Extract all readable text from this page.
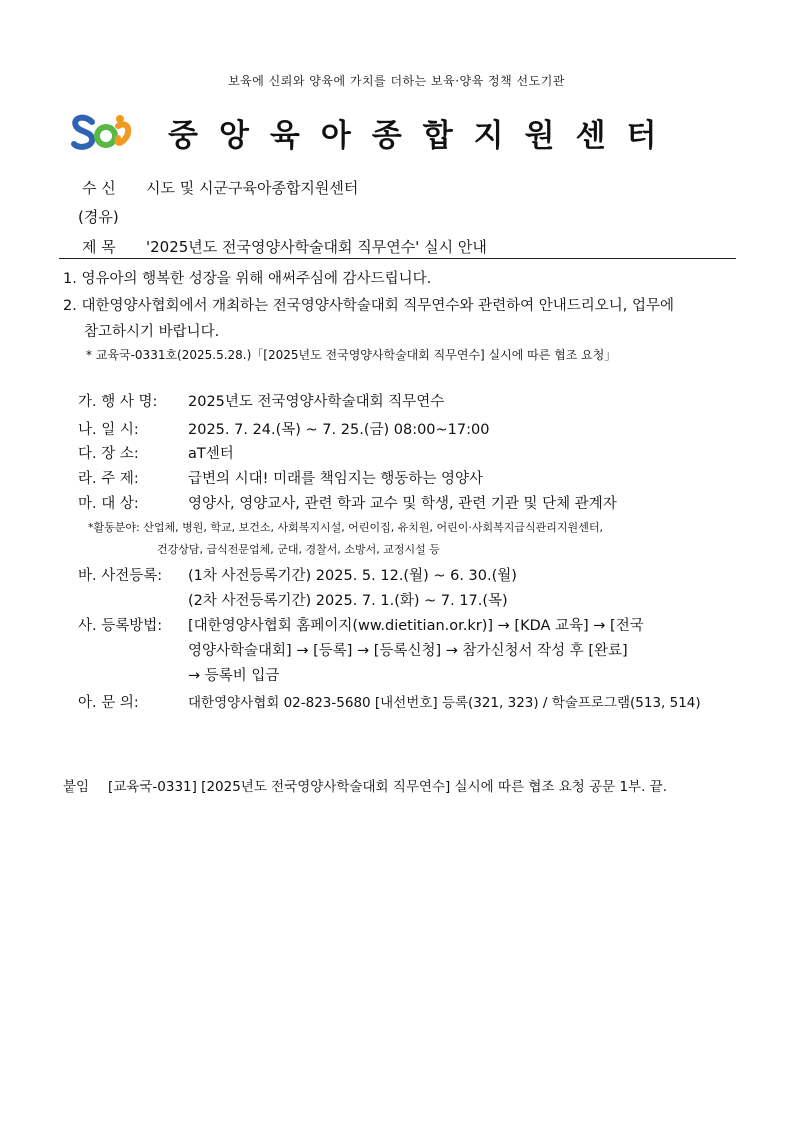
보육에 신뢰와 양육에 가치를 더하는 보육·양육 정책 선도기관
중앙육아종합지원센터
수 신 시도 및 시군구육아종합지원센터
(경유)
제 목 '2025년도 전국영양사학술대회 직무연수' 실시 안내
1. 영유아의 행복한 성장을 위해 애써주심에 감사드립니다.
2. 대한영양사협회에서 개최하는 전국영양사학술대회 직무연수와 관련하여 안내드리오니, 업무에
참고하시기 바랍니다.
* 교육국-0331호(2025.5.28.)「[2025년도 전국영양사학술대회 직무연수] 실시에 따른 협조 요청」
가. 행 사 명: 2025년도 전국영양사학술대회 직무연수
나. 일 시:	2025. 7. 24.(목) ~ 7. 25.(금) 08:00~17:00
다. 장 소:	aT센터
라. 주 제:	급변의 시대! 미래를 책임지는 행동하는 영양사
마. 대 상:	영양사, 영양교사, 관련 학과 교수 및 학생, 관련 기관 및 단체 관계자
*활동분야: 산업체, 병원, 학교, 보건소, 사회복지시설, 어린이집, 유치원, 어린이·사회복지급식관리지원센터,
건강상담, 급식전문업체, 군대, 경찰서, 소방서, 교정시설 등
바. 사전등록: (1차 사전등록기간) 2025. 5. 12.(월) ~ 6. 30.(월)
(2차 사전등록기간) 2025. 7. 1.(화) ~ 7. 17.(목)
사. 등록방법: [대한영양사협회 홈페이지(ww.dietitian.or.kr)] → [KDA 교육] → [전국
영양사학술대회] → [등록] → [등록신청] → 참가신청서 작성 후 [완료]
→ 등록비 입금
아. 문 의:	대한영양사협회 02-823-5680 [내선번호] 등록(321, 323) / 학술프로그램(513, 514)
붙임 [교육국-0331] [2025년도 전국영양사학술대회 직무연수] 실시에 따른 협조 요청 공문 1부. 끝.
